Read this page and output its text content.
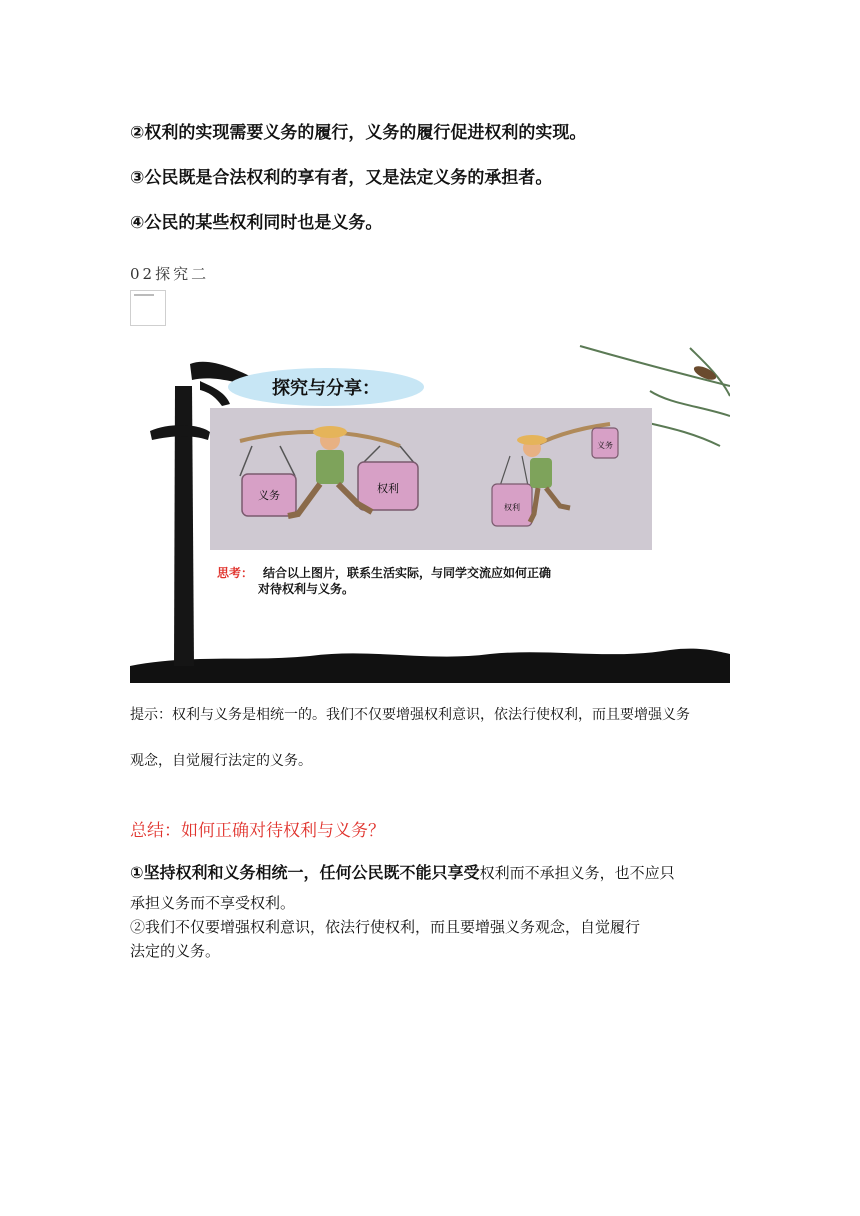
②权利的实现需要义务的履行，义务的履行促进权利的实现。
③公民既是合法权利的享有者，又是法定义务的承担者。
④公民的某些权利同时也是义务。
02探究二
探究与分享：
义务
权利
义务
权利
思考： 结合以上图片，联系生活实际，与同学交流应如何正确
对待权利与义务。
提示：权利与义务是相统一的。我们不仅要增强权利意识，依法行使权利，而且要增强义务
观念，自觉履行法定的义务。
总结：如何正确对待权利与义务？
①坚持权利和义务相统一，任何公民既不能只享受权利而不承担义务，也不应只
承担义务而不享受权利。
②我们不仅要增强权利意识，依法行使权利，而且要增强义务观念，自觉履行
法定的义务。
